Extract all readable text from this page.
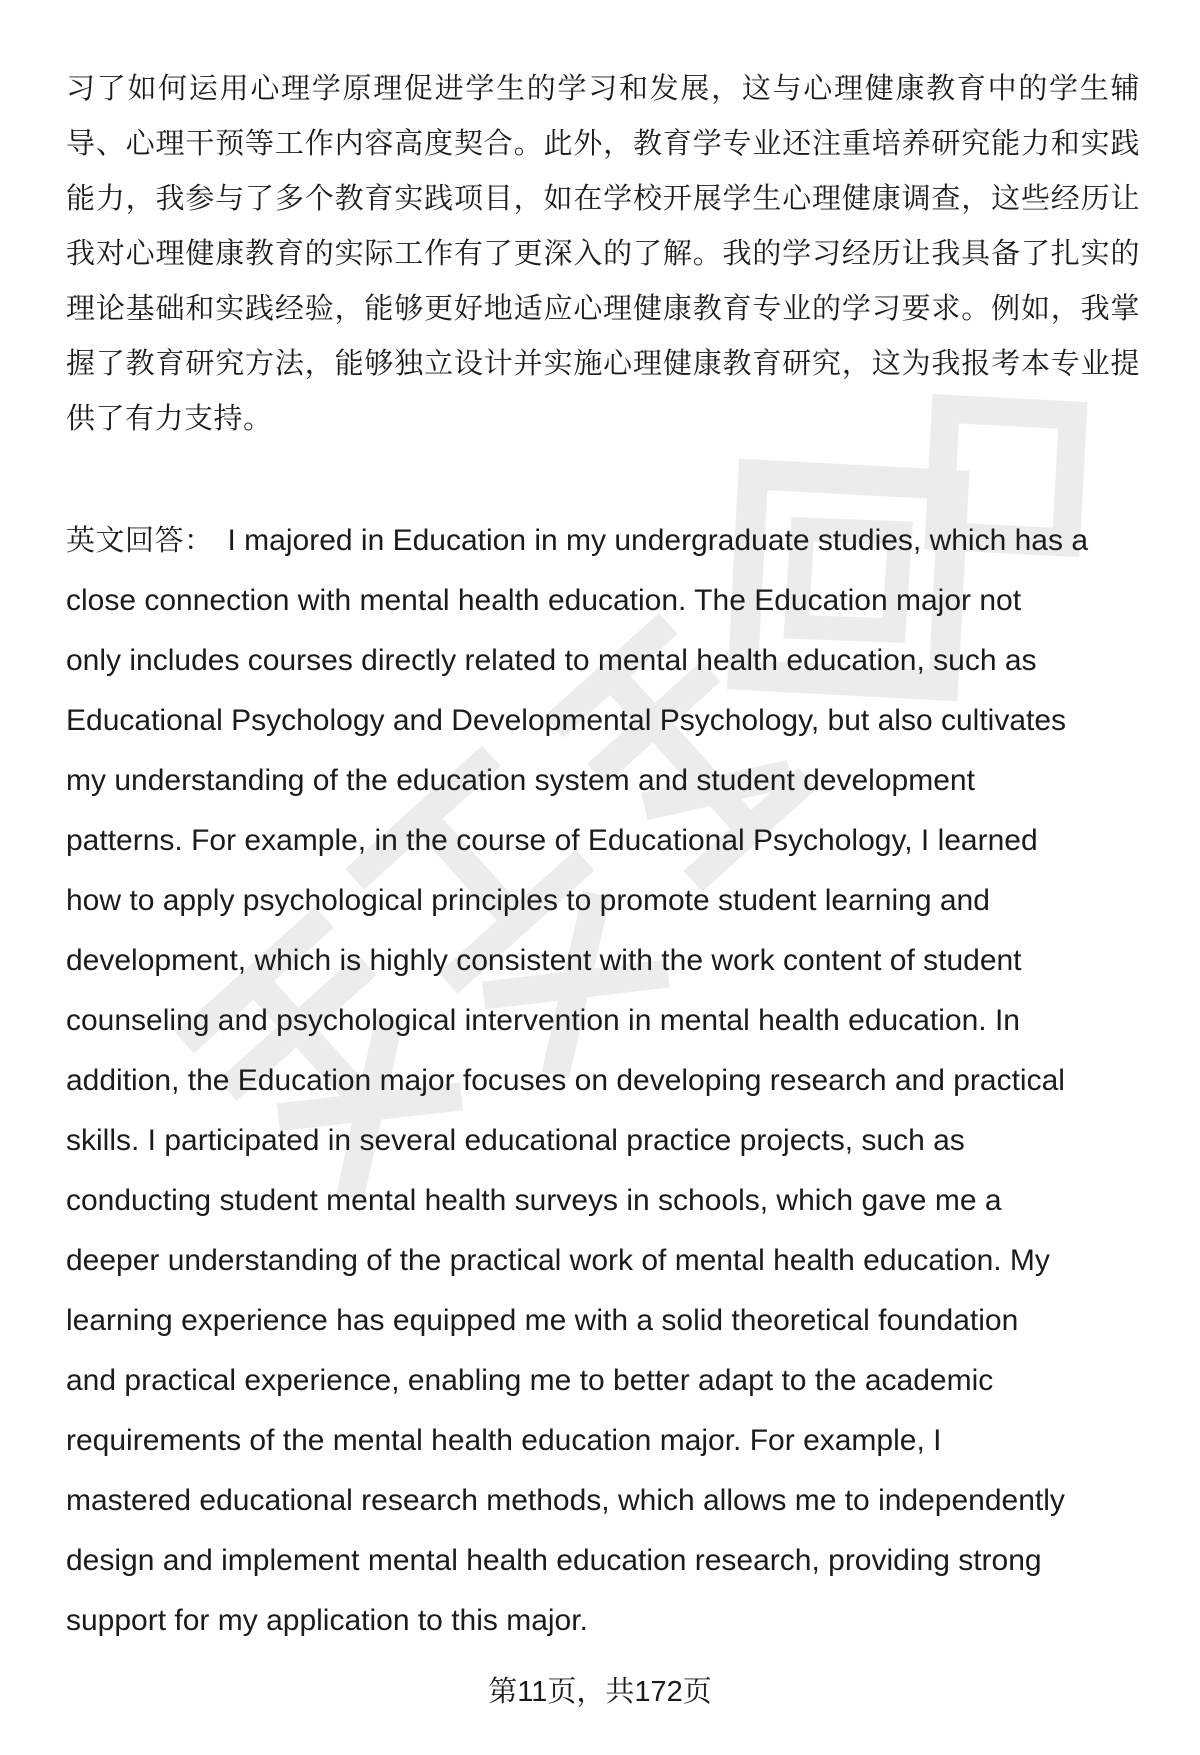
习了如何运用心理学原理促进学生的学习和发展，这与心理健康教育中的学生辅
导、心理干预等工作内容高度契合。此外，教育学专业还注重培养研究能力和实践
能力，我参与了多个教育实践项目，如在学校开展学生心理健康调查，这些经历让
我对心理健康教育的实际工作有了更深入的了解。我的学习经历让我具备了扎实的
理论基础和实践经验，能够更好地适应心理健康教育专业的学习要求。例如，我掌
握了教育研究方法，能够独立设计并实施心理健康教育研究，这为我报考本专业提
供了有力支持。
英文回答： I majored in Education in my undergraduate studies, which has a
close connection with mental health education. The Education major not
only includes courses directly related to mental health education, such as
Educational Psychology and Developmental Psychology, but also cultivates
my understanding of the education system and student development
patterns. For example, in the course of Educational Psychology, I learned
how to apply psychological principles to promote student learning and
development, which is highly consistent with the work content of student
counseling and psychological intervention in mental health education. In
addition, the Education major focuses on developing research and practical
skills. I participated in several educational practice projects, such as
conducting student mental health surveys in schools, which gave me a
deeper understanding of the practical work of mental health education. My
learning experience has equipped me with a solid theoretical foundation
and practical experience, enabling me to better adapt to the academic
requirements of the mental health education major. For example, I
mastered educational research methods, which allows me to independently
design and implement mental health education research, providing strong
support for my application to this major.
第11页，共172页
